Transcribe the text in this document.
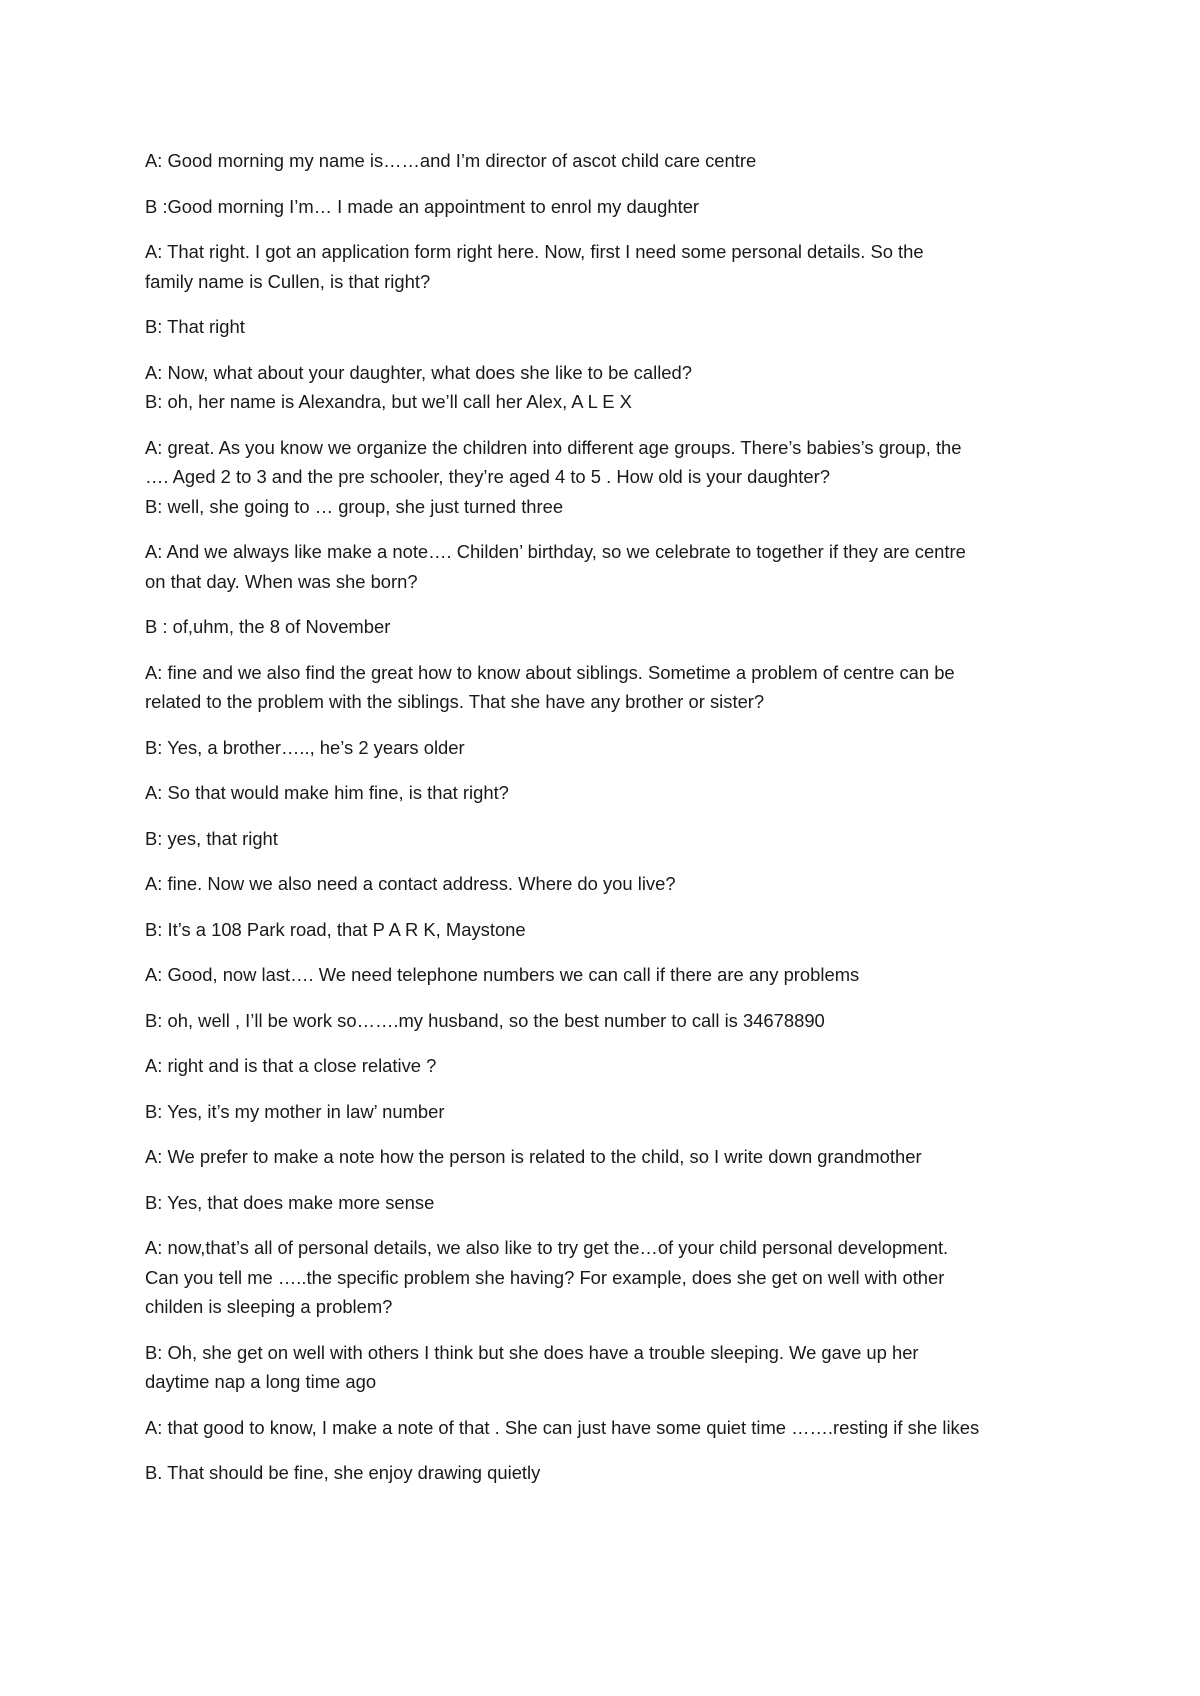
A: Good morning my name is……and I’m director of ascot child care centre
B :Good morning I’m… I made an appointment to enrol my daughter
A: That right. I got an application form right here. Now, first I need some personal details. So the
family name is Cullen, is that right?
B: That right
A: Now, what about your daughter, what does she like to be called?
B: oh, her name is Alexandra, but we’ll call her Alex, A L E X
A: great. As you know we organize the children into different age groups. There’s babies’s group, the
…. Aged 2 to 3 and the pre schooler, they’re aged 4 to 5 . How old is your daughter?
B: well, she going to … group, she just turned three
A: And we always like make a note…. Childen’ birthday, so we celebrate to together if they are centre
on that day. When was she born?
B : of,uhm, the 8 of November
A: fine and we also find the great how to know about siblings. Sometime a problem of centre can be
related to the problem with the siblings. That she have any brother or sister?
B: Yes, a brother….., he’s 2 years older
A: So that would make him fine, is that right?
B: yes, that right
A: fine. Now we also need a contact address. Where do you live?
B: It’s a 108 Park road, that P A R K, Maystone
A: Good, now last…. We need telephone numbers we can call if there are any problems
B: oh, well , I’ll be work so…….my husband, so the best number to call is 34678890
A: right and is that a close relative ?
B: Yes, it’s my mother in law’ number
A: We prefer to make a note how the person is related to the child, so I write down grandmother
B: Yes, that does make more sense
A: now,that’s all of personal details, we also like to try get the…of your child personal development.
Can you tell me …..the specific problem she having? For example, does she get on well with other
childen is sleeping a problem?
B: Oh, she get on well with others I think but she does have a trouble sleeping. We gave up her
daytime nap a long time ago
A: that good to know, I make a note of that . She can just have some quiet time …….resting if she likes
B. That should be fine, she enjoy drawing quietly
